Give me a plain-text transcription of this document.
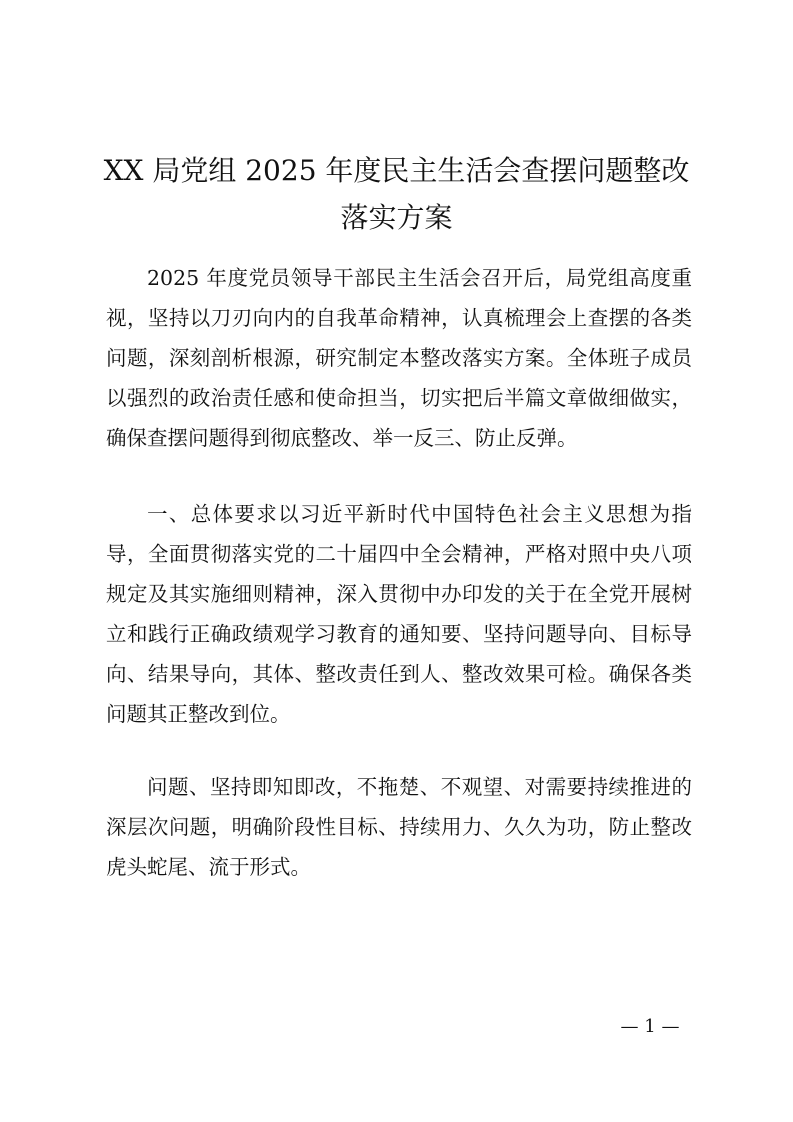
XX 局党组 2025 年度民主生活会查摆问题整改
落实方案

2025 年度党员领导干部民主生活会召开后，局党组高度重视，坚持以刀刃向内的自我革命精神，认真梳理会上查摆的各类问题，深刻剖析根源，研究制定本整改落实方案。全体班子成员以强烈的政治责任感和使命担当，切实把后半篇文章做细做实，确保查摆问题得到彻底整改、举一反三、防止反弹。

一、总体要求以习近平新时代中国特色社会主义思想为指导，全面贯彻落实党的二十届四中全会精神，严格对照中央八项规定及其实施细则精神，深入贯彻中办印发的关于在全党开展树立和践行正确政绩观学习教育的通知要、坚持问题导向、目标导向、结果导向，其体、整改责任到人、整改效果可检。确保各类问题其正整改到位。

问题、坚持即知即改，不拖楚、不观望、对需要持续推进的深层次问题，明确阶段性目标、持续用力、久久为功，防止整改虎头蛇尾、流于形式。

— 1 —
